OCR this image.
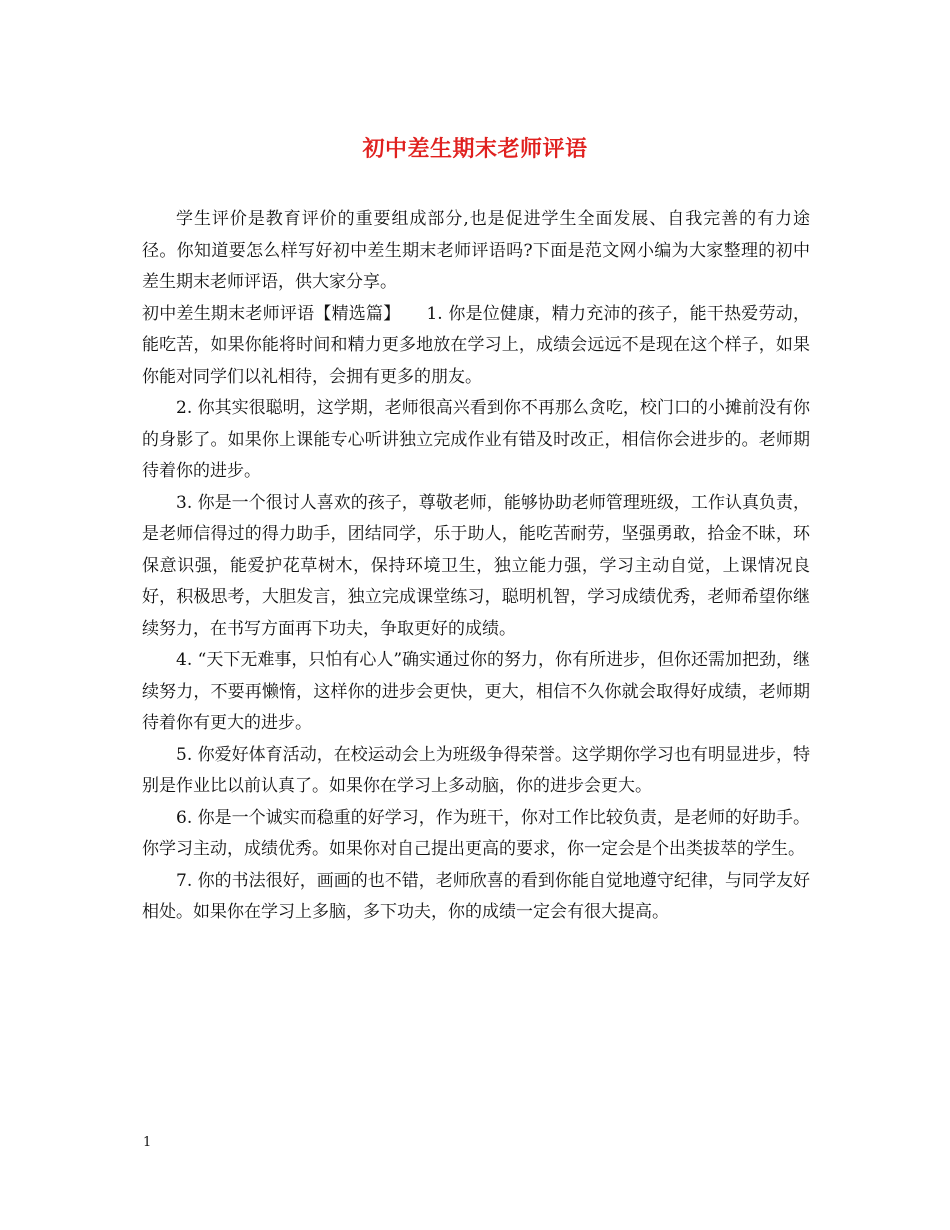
初中差生期末老师评语

学生评价是教育评价的重要组成部分,也是促进学生全面发展、自我完善的有力途径。你知道要怎么样写好初中差生期末老师评语吗?下面是范文网小编为大家整理的初中差生期末老师评语，供大家分享。

初中差生期末老师评语【精选篇】　　 1. 你是位健康，精力充沛的孩子，能干热爱劳动，能吃苦，如果你能将时间和精力更多地放在学习上，成绩会远远不是现在这个样子，如果你能对同学们以礼相待，会拥有更多的朋友。

2. 你其实很聪明，这学期，老师很高兴看到你不再那么贪吃，校门口的小摊前没有你的身影了。如果你上课能专心听讲独立完成作业有错及时改正，相信你会进步的。老师期待着你的进步。

3. 你是一个很讨人喜欢的孩子，尊敬老师，能够协助老师管理班级，工作认真负责，是老师信得过的得力助手，团结同学，乐于助人，能吃苦耐劳，坚强勇敢，拾金不昧，环保意识强，能爱护花草树木，保持环境卫生，独立能力强，学习主动自觉，上课情况良好，积极思考，大胆发言，独立完成课堂练习，聪明机智，学习成绩优秀，老师希望你继续努力，在书写方面再下功夫，争取更好的成绩。

4. “天下无难事，只怕有心人”确实通过你的努力，你有所进步，但你还需加把劲，继续努力，不要再懒惰，这样你的进步会更快，更大，相信不久你就会取得好成绩，老师期待着你有更大的进步。

5. 你爱好体育活动，在校运动会上为班级争得荣誉。这学期你学习也有明显进步，特别是作业比以前认真了。如果你在学习上多动脑，你的进步会更大。

6. 你是一个诚实而稳重的好学习，作为班干，你对工作比较负责，是老师的好助手。你学习主动，成绩优秀。如果你对自己提出更高的要求，你一定会是个出类拔萃的学生。

7. 你的书法很好，画画的也不错，老师欣喜的看到你能自觉地遵守纪律，与同学友好相处。如果你在学习上多脑，多下功夫，你的成绩一定会有很大提高。

1
